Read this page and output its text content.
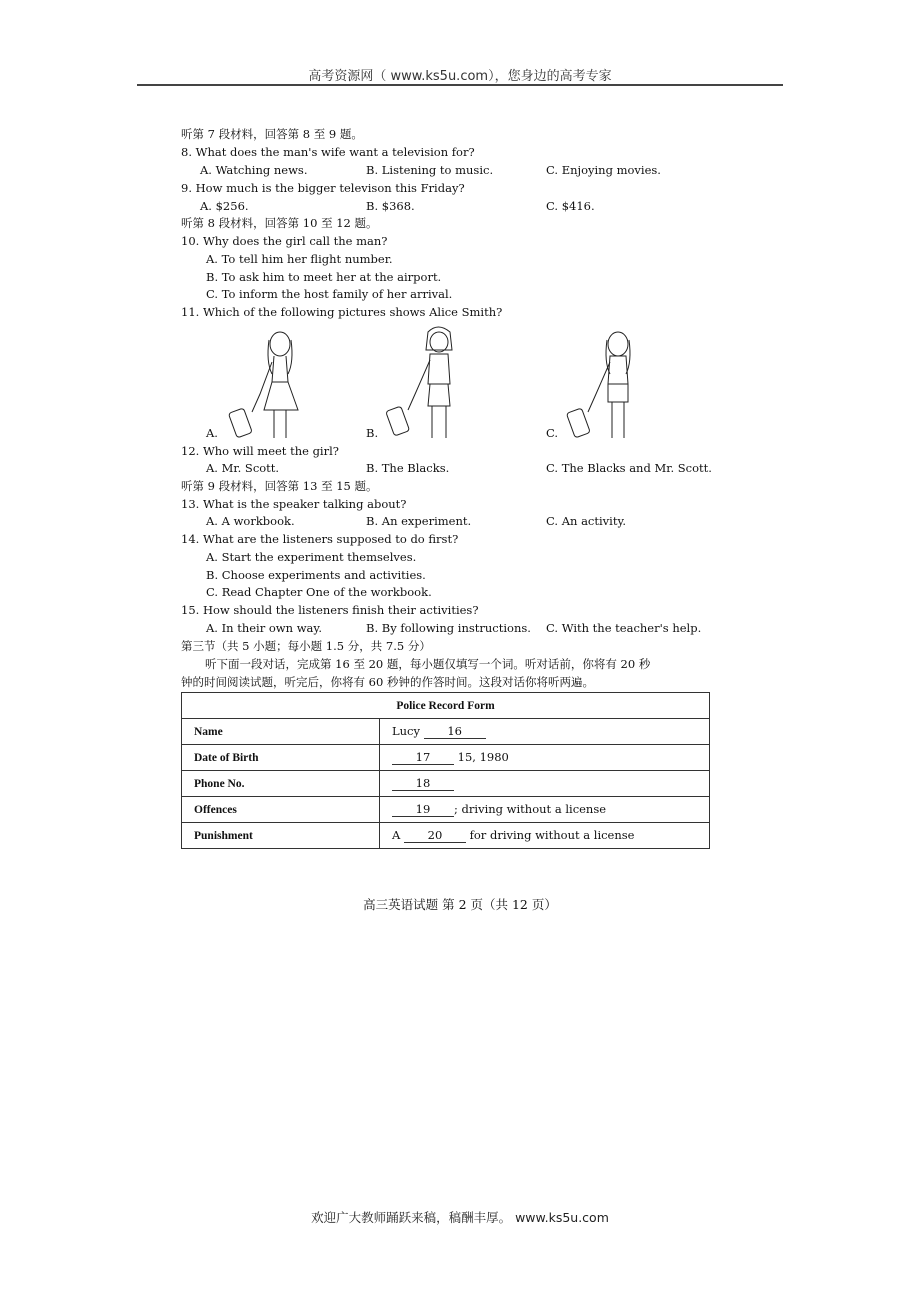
高考资源网（ www.ks5u.com），您身边的高考专家
听第 7 段材料，回答第 8 至 9 题。
8. What does the man's wife want a television for?
A. Watching news.	B. Listening to music.	C. Enjoying movies.
9. How much is the bigger televison this Friday?
A. $256.	B. $368.	C. $416.
听第 8 段材料，回答第 10 至 12 题。
10. Why does the girl call the man?
A. To tell him her flight number.
B. To ask him to meet her at the airport.
C. To inform the host family of her arrival.
11. Which of the following pictures shows Alice Smith?
A.	B.	C.
12. Who will meet the girl?
A. Mr. Scott.	B. The Blacks.	C. The Blacks and Mr. Scott.
听第 9 段材料，回答第 13 至 15 题。
13. What is the speaker talking about?
A. A workbook.	B. An experiment.	C. An activity.
14. What are the listeners supposed to do first?
A. Start the experiment themselves.
B. Choose experiments and activities.
C. Read Chapter One of the workbook.
15. How should the listeners finish their activities?
A. In their own way.	B. By following instructions. C. With the teacher's help.
第三节（共 5 小题；每小题 1.5 分，共 7.5 分）
听下面一段对话，完成第 16 至 20 题，每小题仅填写一个词。听对话前，你将有 20 秒
钟的时间阅读试题，听完后，你将有 60 秒钟的作答时间。这段对话你将听两遍。
Police Record Form	
Name	Lucy 16
Date of Birth	17 15, 1980
Phone No.	18
Offences	19 ; driving without a license
Punishment	A 20 for driving without a license
高三英语试题 第 2 页（共 12 页）
欢迎广大教师踊跃来稿，稿酬丰厚。 www.ks5u.com
